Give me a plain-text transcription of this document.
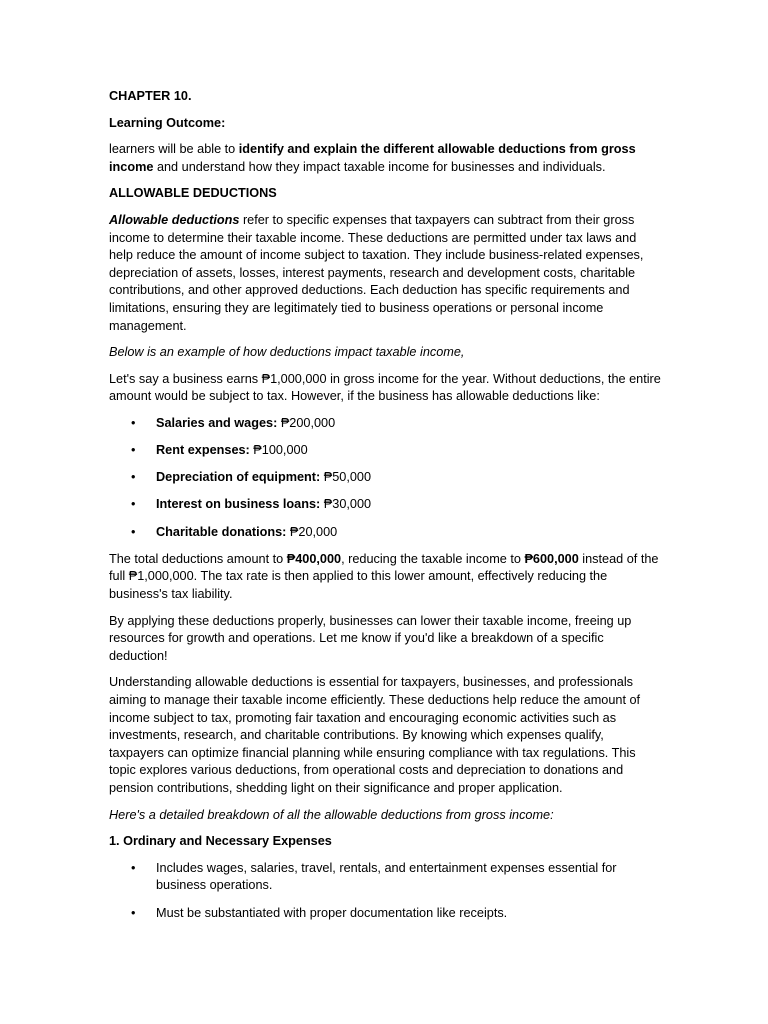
CHAPTER 10.

Learning Outcome:

learners will be able to identify and explain the different allowable deductions from gross income and understand how they impact taxable income for businesses and individuals.

ALLOWABLE DEDUCTIONS

Allowable deductions refer to specific expenses that taxpayers can subtract from their gross income to determine their taxable income. These deductions are permitted under tax laws and help reduce the amount of income subject to taxation. They include business-related expenses, depreciation of assets, losses, interest payments, research and development costs, charitable contributions, and other approved deductions. Each deduction has specific requirements and limitations, ensuring they are legitimately tied to business operations or personal income management.

Below is an example of how deductions impact taxable income,

Let's say a business earns ₱1,000,000 in gross income for the year. Without deductions, the entire amount would be subject to tax. However, if the business has allowable deductions like:

• Salaries and wages: ₱200,000
• Rent expenses: ₱100,000
• Depreciation of equipment: ₱50,000
• Interest on business loans: ₱30,000
• Charitable donations: ₱20,000

The total deductions amount to ₱400,000, reducing the taxable income to ₱600,000 instead of the full ₱1,000,000. The tax rate is then applied to this lower amount, effectively reducing the business's tax liability.

By applying these deductions properly, businesses can lower their taxable income, freeing up resources for growth and operations. Let me know if you'd like a breakdown of a specific deduction!

Understanding allowable deductions is essential for taxpayers, businesses, and professionals aiming to manage their taxable income efficiently. These deductions help reduce the amount of income subject to tax, promoting fair taxation and encouraging economic activities such as investments, research, and charitable contributions. By knowing which expenses qualify, taxpayers can optimize financial planning while ensuring compliance with tax regulations. This topic explores various deductions, from operational costs and depreciation to donations and pension contributions, shedding light on their significance and proper application.

Here's a detailed breakdown of all the allowable deductions from gross income:

1. Ordinary and Necessary Expenses

• Includes wages, salaries, travel, rentals, and entertainment expenses essential for business operations.
• Must be substantiated with proper documentation like receipts.
